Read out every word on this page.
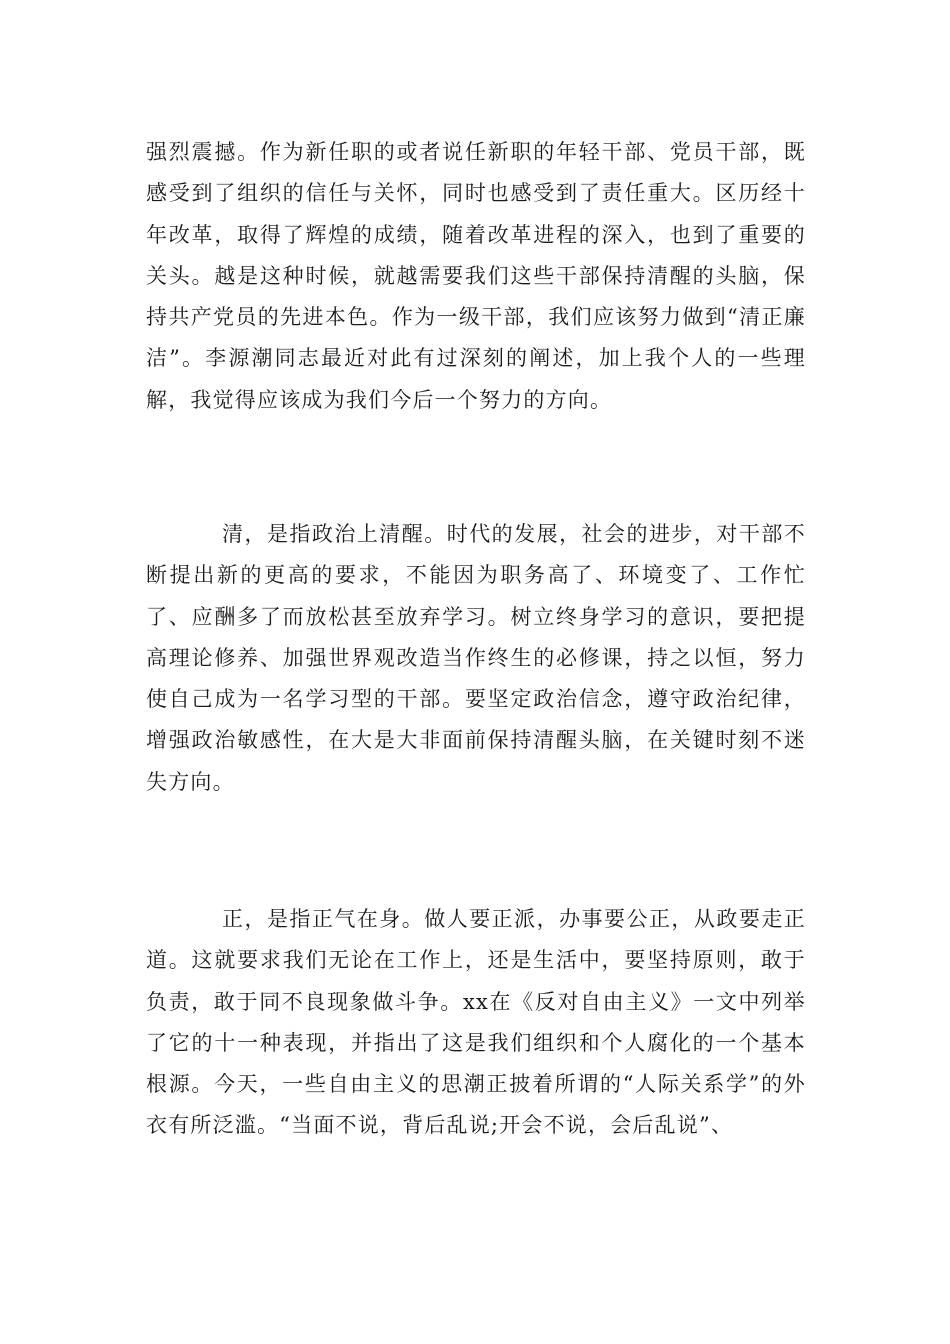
强烈震撼。作为新任职的或者说任新职的年轻干部、党员干部，既感受到了组织的信任与关怀，同时也感受到了责任重大。区历经十年改革，取得了辉煌的成绩，随着改革进程的深入，也到了重要的关头。越是这种时候，就越需要我们这些干部保持清醒的头脑，保持共产党员的先进本色。作为一级干部，我们应该努力做到“清正廉洁”。李源潮同志最近对此有过深刻的阐述，加上我个人的一些理解，我觉得应该成为我们今后一个努力的方向。

清，是指政治上清醒。时代的发展，社会的进步，对干部不断提出新的更高的要求，不能因为职务高了、环境变了、工作忙了、应酬多了而放松甚至放弃学习。树立终身学习的意识，要把提高理论修养、加强世界观改造当作终生的必修课，持之以恒，努力使自己成为一名学习型的干部。要坚定政治信念，遵守政治纪律，增强政治敏感性，在大是大非面前保持清醒头脑，在关键时刻不迷失方向。

正，是指正气在身。做人要正派，办事要公正，从政要走正道。这就要求我们无论在工作上，还是生活中，要坚持原则，敢于负责，敢于同不良现象做斗争。xx在《反对自由主义》一文中列举了它的十一种表现，并指出了这是我们组织和个人腐化的一个基本根源。今天，一些自由主义的思潮正披着所谓的“人际关系学”的外衣有所泛滥。“当面不说，背后乱说;开会不说，会后乱说”、
